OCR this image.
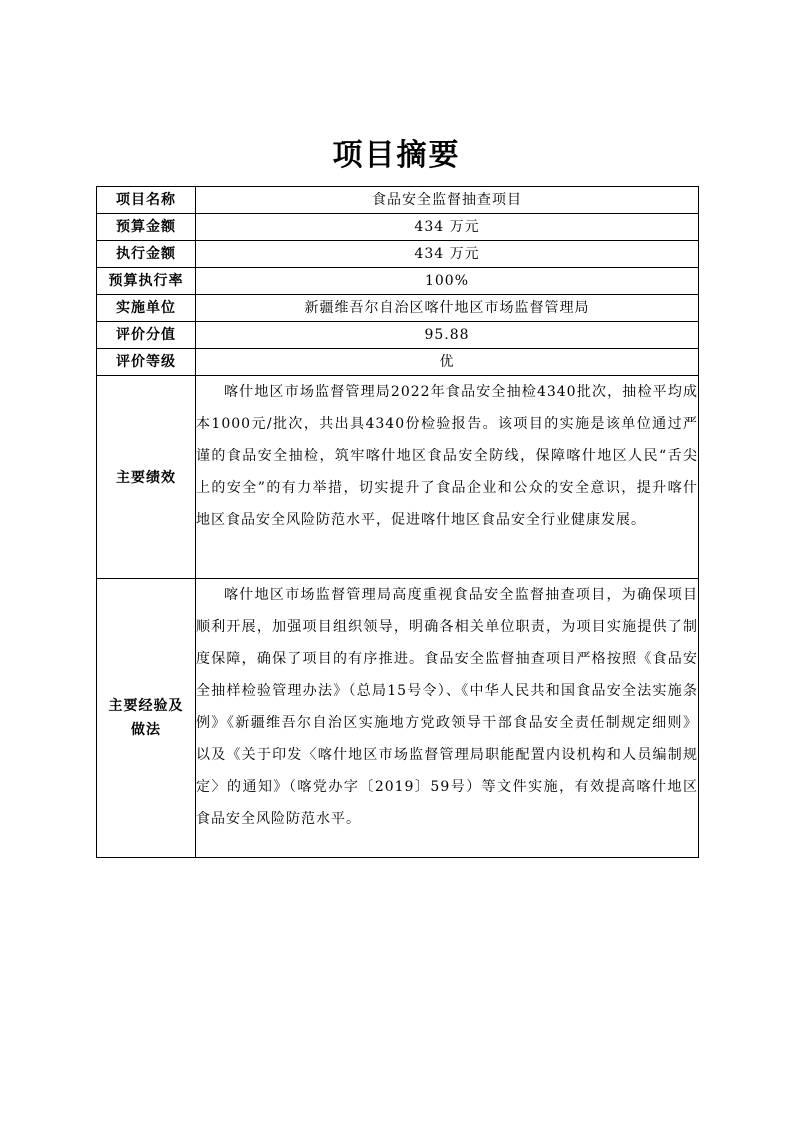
项目摘要
项目名称	食品安全监督抽查项目
预算金额	434 万元
执行金额	434 万元
预算执行率	100%
实施单位	新疆维吾尔自治区喀什地区市场监督管理局
评价分值	95.88
评价等级	优
主要绩效	喀什地区市场监督管理局2022年食品安全抽检4340批次，抽检平均成本1000元/批次，共出具4340份检验报告。该项目的实施是该单位通过严谨的食品安全抽检，筑牢喀什地区食品安全防线，保障喀什地区人民“舌尖上的安全”的有力举措，切实提升了食品企业和公众的安全意识，提升喀什地区食品安全风险防范水平，促进喀什地区食品安全行业健康发展。

主要经验及
做法	喀什地区市场监督管理局高度重视食品安全监督抽查项目，为确保项目顺利开展，加强项目组织领导，明确各相关单位职责，为项目实施提供了制度保障，确保了项目的有序推进。食品安全监督抽查项目严格按照《食品安全抽样检验管理办法》（总局15号令）、《中华人民共和国食品安全法实施条例》《新疆维吾尔自治区实施地方党政领导干部食品安全责任制规定细则》以及《关于印发〈喀什地区市场监督管理局职能配置内设机构和人员编制规定〉的通知》（喀党办字〔2019〕59号）等文件实施，有效提高喀什地区食品安全风险防范水平。
